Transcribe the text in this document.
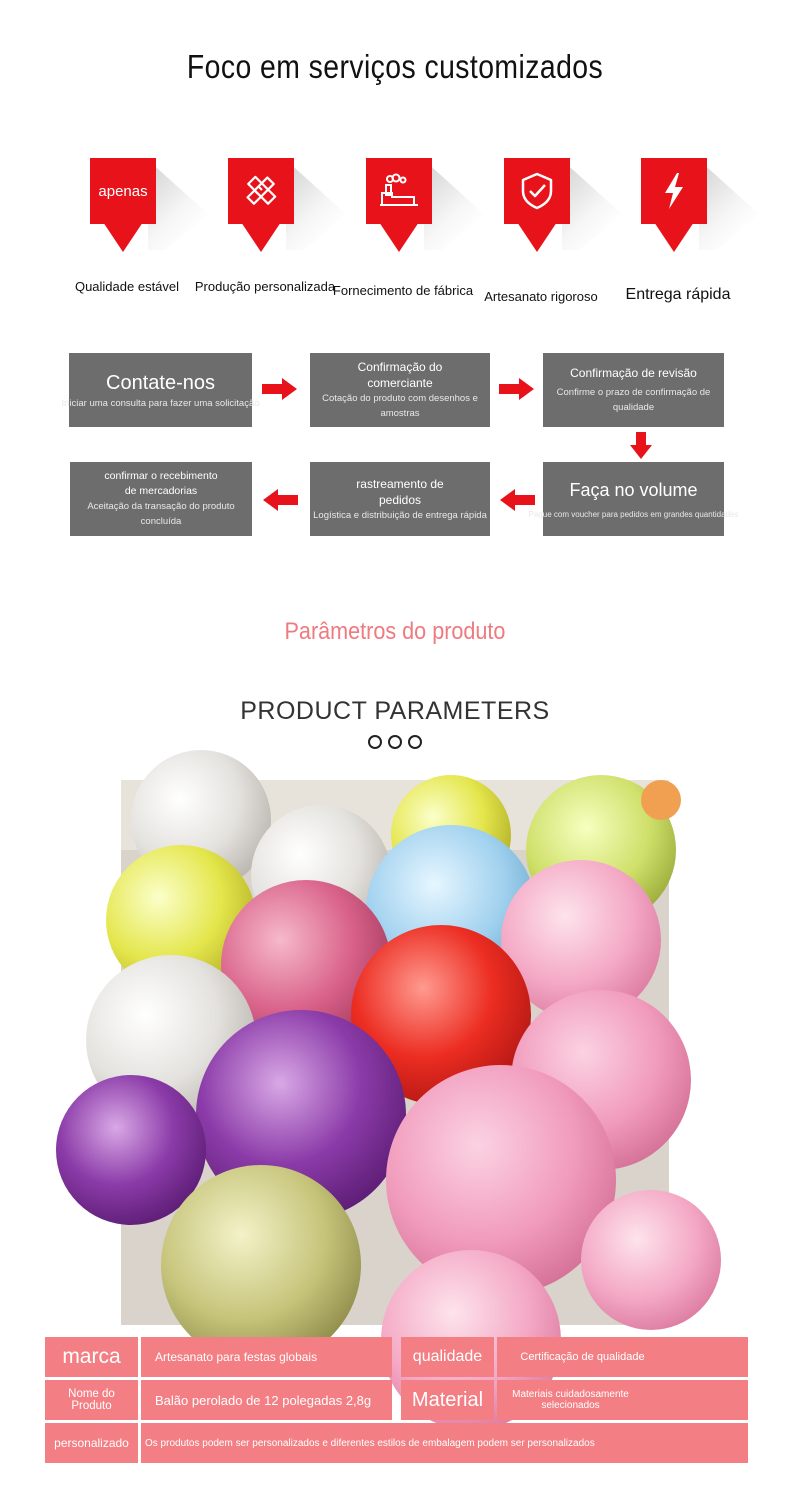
Foco em serviços customizados
apenas
Qualidade estável	Produção personalizada
Fornecimento de fábrica Artesanato rigoroso	Entrega rápida
Contate-nos
Iniciar uma consulta para fazer uma solicitação
Confirmação do comerciante
Cotação do produto com desenhos e amostras
Confirmação de revisão
Confirme o prazo de confirmação de qualidade
Faça no volume
Pague com voucher para pedidos em grandes quantidades
rastreamento de pedidos
Logística e distribuição de entrega rápida
confirmar o recebimento de mercadorias
Aceitação da transação do produto concluída
Parâmetros do produto
PRODUCT PARAMETERS
marca	Artesanato para festas globais	qualidade	Certificação de qualidade
Nome do Produto	Balão perolado de 12 polegadas 2,8g	Material	Materiais cuidadosamente selecionados
personalizado	Os produtos podem ser personalizados e diferentes estilos de embalagem podem ser personalizados
